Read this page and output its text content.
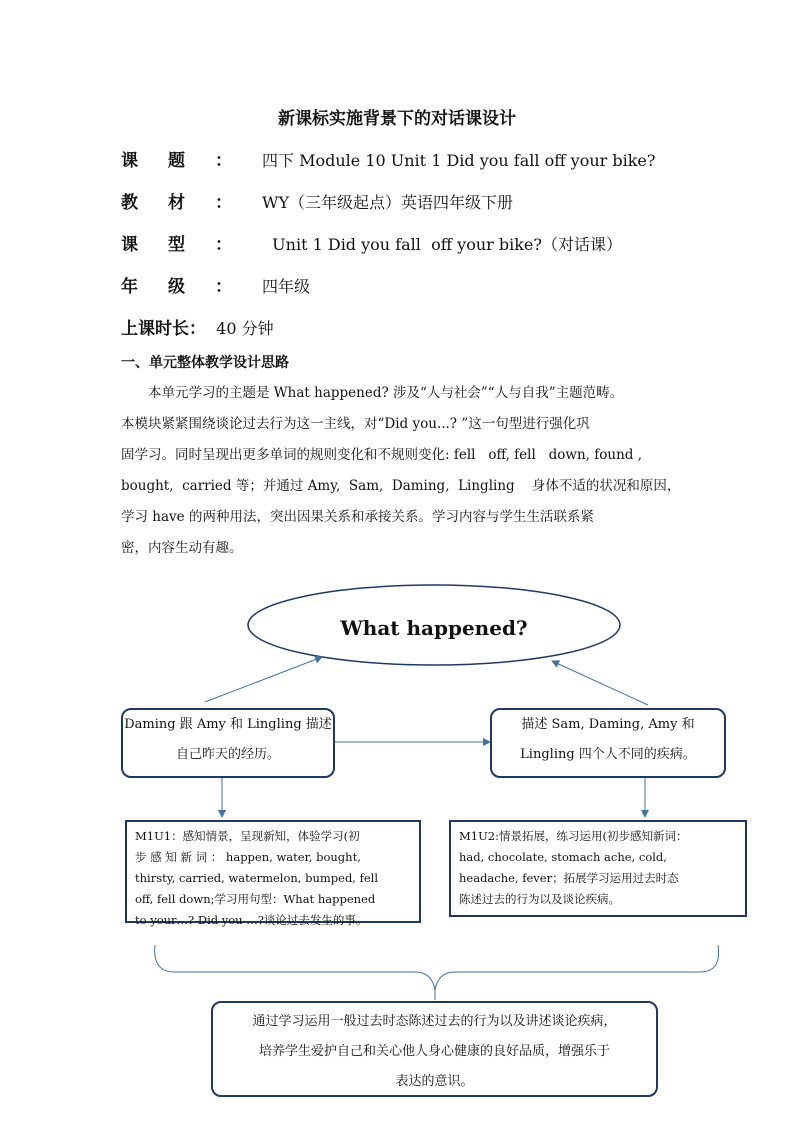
新课标实施背景下的对话课设计
课题： 四下 Module 10 Unit 1 Did you fall off your bike?
教材： WY（三年级起点）英语四年级下册
课型： Unit 1 Did you fall  off your bike?（对话课）
年级： 四年级
上课时长： 40 分钟
一、单元整体教学设计思路
本单元学习的主题是 What happened? 涉及“人与社会”“人与自我”主题范畴。
本模块紧紧围绕谈论过去行为这一主线，对“Did you...? ”这一句型进行强化巩
固学习。同时呈现出更多单词的规则变化和不规则变化: fell   off, fell   down, found ,
bought,  carried 等；并通过 Amy,  Sam,  Daming,  Lingling    身体不适的状况和原因，
学习 have 的两种用法，突出因果关系和承接关系。学习内容与学生生活联系紧
密，内容生动有趣。
What happened?
Daming 跟 Amy 和 Lingling 描述
自己昨天的经历。
描述 Sam, Daming, Amy 和
Lingling 四个人不同的疾病。
M1U1：感知情景，呈现新知，体验学习(初
步 感 知 新 词 ： happen, water, bought,
thirsty, carried, watermelon, bumped, fell
off, fell down;学习用句型：What happened
to your…? Did you …?谈论过去发生的事。
M1U2:情景拓展，练习运用(初步感知新词：
had, chocolate, stomach ache, cold,
headache, fever；拓展学习运用过去时态
陈述过去的行为以及谈论疾病。
通过学习运用一般过去时态陈述过去的行为以及讲述谈论疾病，
培养学生爱护自己和关心他人身心健康的良好品质，增强乐于
表达的意识。
